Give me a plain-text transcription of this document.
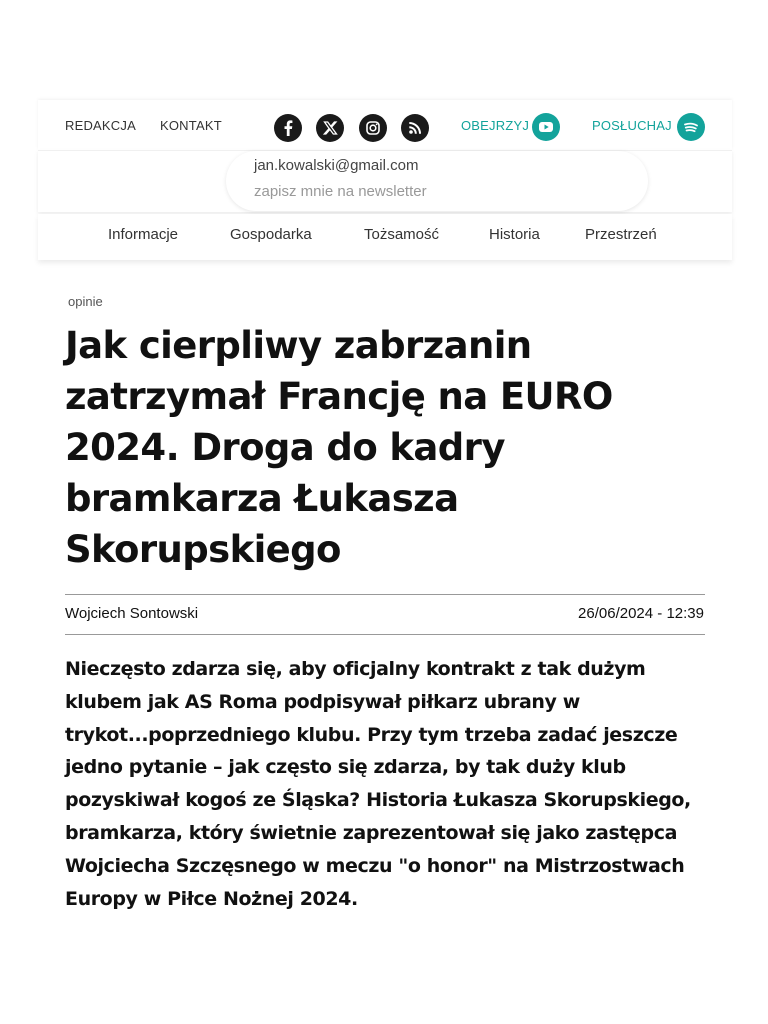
REDAKCJA KONTAKT	OBEJRZYJ	POSŁUCHAJ
jan.kowalski@gmail.com
zapisz mnie na newsletter
Informacje	Gospodarka	Tożsamość	Historia	Przestrzeń
opinie
Jak cierpliwy zabrzanin zatrzymał Francję na EURO 2024. Droga do kadry bramkarza Łukasza Skorupskiego
Wojciech Sontowski	26/06/2024 - 12:39

Nieczęsto zdarza się, aby oficjalny kontrakt z tak dużym klubem jak AS Roma podpisywał piłkarz ubrany w trykot...poprzedniego klubu. Przy tym trzeba zadać jeszcze jedno pytanie – jak często się zdarza, by tak duży klub pozyskiwał kogoś ze Śląska? Historia Łukasza Skorupskiego, bramkarza, który świetnie zaprezentował się jako zastępca Wojciecha Szczęsnego w meczu "o honor" na Mistrzostwach Europy w Piłce Nożnej 2024.
